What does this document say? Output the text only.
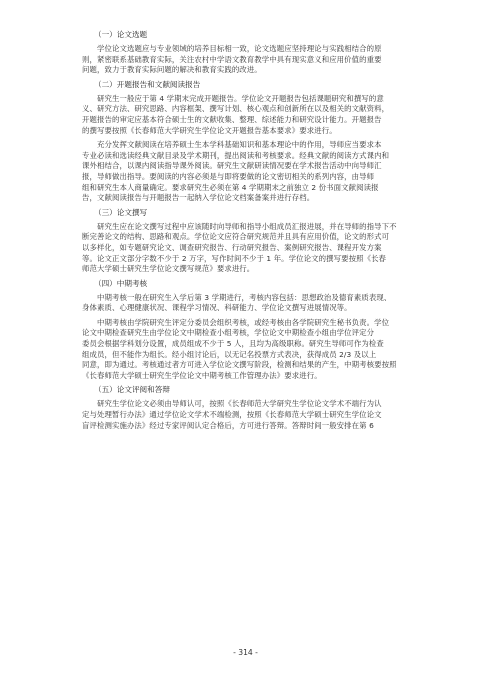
（一）论文选题
学位论文选题应与专业领域的培养目标相一致，论文选题应坚持理论与实践相结合的原
则，紧密联系基础教育实际，关注农村中学语文教育教学中具有现实意义和应用价值的重要
问题，致力于教育实际问题的解决和教育实践的改进。
（二）开题报告和文献阅读报告
研究生一般应于第 4 学期末完成开题报告。学位论文开题报告包括课题研究和撰写的意
义、研究方法、研究思路、内容框架、撰写计划、核心观点和创新所在以及相关的文献资料，
开题报告的审定应基本符合硕士生的文献收集、整理、综述能力和研究设计能力。开题报告
的撰写要按照《长春师范大学研究生学位论文开题报告基本要求》要求进行。
充分发挥文献阅读在培养硕士生本学科基础知识和基本理论中的作用，导师应当要求本
专业必读和选读经典文献目录及学术期刊，提出阅读和考核要求。经典文献的阅读方式课内和
课外相结合，以课内阅读指导课外阅读。研究生文献研读情况要在学术报告活动中向导师汇
报，导师做出指导。要阅读的内容必须是与即将要做的论文密切相关的系列内容，由导师
组和研究生本人商量确定。要求研究生必须在第 4 学期期末之前独立 2 份书面文献阅读报
告，文献阅读报告与开题报告一起纳入学位论文档案备案并进行存档。
（三）论文撰写
研究生应在论文撰写过程中应该随时向导师和指导小组成员汇报进展，并在导师的指导下不
断完善论文的结构、思路和观点。学位论文应符合研究规范并且具有应用价值，论文的形式可
以多样化，如专题研究论文、调查研究报告、行动研究报告、案例研究报告、课程开发方案
等。论文正文部分字数不少于 2 万字，写作时间不少于 1 年。学位论文的撰写要按照《长春
师范大学硕士研究生学位论文撰写规范》要求进行。
（四）中期考核
中期考核一般在研究生入学后第 3 学期进行，考核内容包括：思想政治及德育素质表现、
身体素质、心理健康状况、课程学习情况、科研能力、学位论文撰写进展情况等。
中期考核由学院研究生评定分委员会组织考核，或经考核由各学院研究生秘书负责。学位
论文中期检查研究生由学位论文中期检查小组考核，学位论文中期检查小组由学位评定分
委员会根据学科划分设置，成员组成不少于 5 人，且均为高级职称。研究生导师可作为检查
组成员，但不能作为组长。经小组讨论后，以无记名投票方式表决，获得成员 2/3 及以上
同意，即为通过。考核通过者方可进入学位论文撰写阶段，检测和结果的产生，中期考核要按照
《长春师范大学硕士研究生学位论文中期考核工作管理办法》要求进行。
（五）论文评阅和答辩
研究生学位论文必须由导师认可，按照《长春师范大学研究生学位论文学术不端行为认
定与处理暂行办法》通过学位论文学术不端检测，按照《长春师范大学硕士研究生学位论文
盲评检测实施办法》经过专家评阅认定合格后，方可进行答辩。答辩时间一般安排在第 6
- 314 -
